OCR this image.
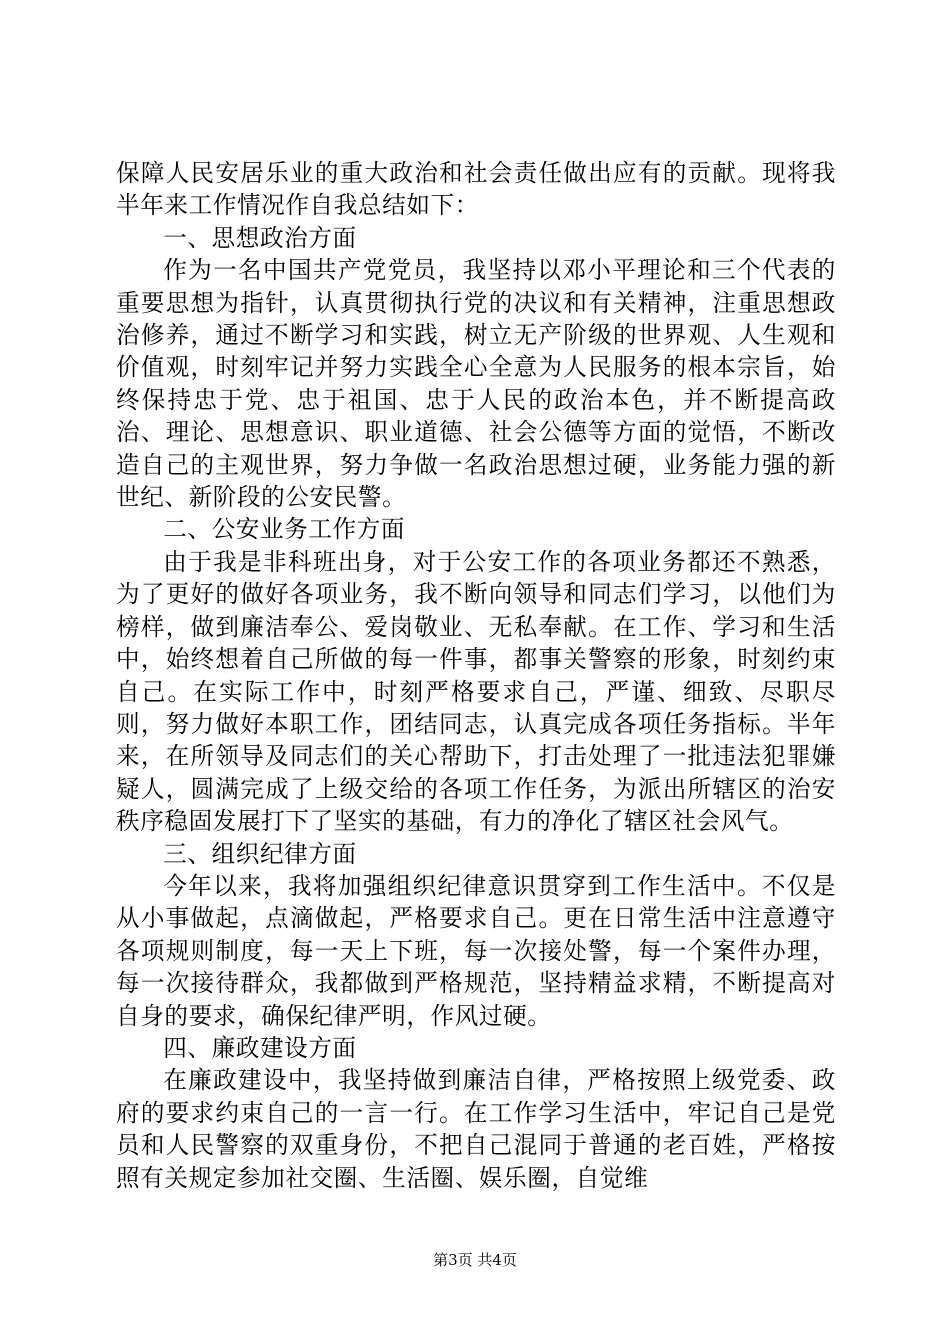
保障人民安居乐业的重大政治和社会责任做出应有的贡献。现将我半年来工作情况作自我总结如下：

一、思想政治方面

作为一名中国共产党党员，我坚持以邓小平理论和三个代表的重要思想为指针，认真贯彻执行党的决议和有关精神，注重思想政治修养，通过不断学习和实践，树立无产阶级的世界观、人生观和价值观，时刻牢记并努力实践全心全意为人民服务的根本宗旨，始终保持忠于党、忠于祖国、忠于人民的政治本色，并不断提高政治、理论、思想意识、职业道德、社会公德等方面的觉悟，不断改造自己的主观世界，努力争做一名政治思想过硬，业务能力强的新世纪、新阶段的公安民警。

二、公安业务工作方面

由于我是非科班出身，对于公安工作的各项业务都还不熟悉，为了更好的做好各项业务，我不断向领导和同志们学习，以他们为榜样，做到廉洁奉公、爱岗敬业、无私奉献。在工作、学习和生活中，始终想着自己所做的每一件事，都事关警察的形象，时刻约束自己。在实际工作中，时刻严格要求自己，严谨、细致、尽职尽则，努力做好本职工作，团结同志，认真完成各项任务指标。半年来，在所领导及同志们的关心帮助下，打击处理了一批违法犯罪嫌疑人，圆满完成了上级交给的各项工作任务，为派出所辖区的治安秩序稳固发展打下了坚实的基础，有力的净化了辖区社会风气。

三、组织纪律方面

今年以来，我将加强组织纪律意识贯穿到工作生活中。不仅是从小事做起，点滴做起，严格要求自己。更在日常生活中注意遵守各项规则制度，每一天上下班，每一次接处警，每一个案件办理，每一次接待群众，我都做到严格规范，坚持精益求精，不断提高对自身的要求，确保纪律严明，作风过硬。

四、廉政建设方面

在廉政建设中，我坚持做到廉洁自律，严格按照上级党委、政府的要求约束自己的一言一行。在工作学习生活中，牢记自己是党员和人民警察的双重身份，不把自己混同于普通的老百姓，严格按照有关规定参加社交圈、生活圈、娱乐圈，自觉维

第3页 共4页
